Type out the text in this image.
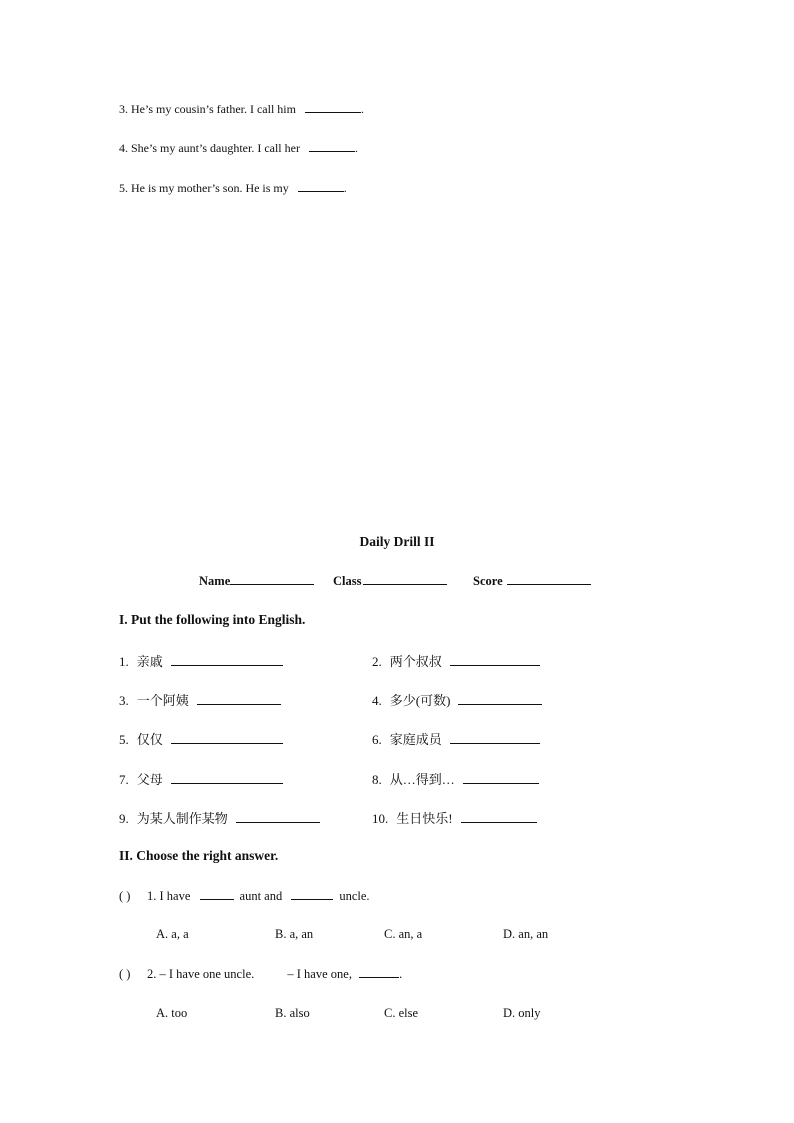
3. He’s my cousin’s father. I call him	.
4. She’s my aunt’s daughter. I call her	.
5. He is my mother’s son. He is my	.
Daily Drill II
Name	Class	Score
I. Put the following into English.
1. 亲戚	2. 两个叔叔
3. 一个阿姨	4. 多少(可数)
5. 仅仅	6. 家庭成员
7. 父母	8. 从…得到…
9. 为某人制作某物	10. 生日快乐!
II. Choose the right answer.
( ) 1. I have	aunt and	uncle.
A. a, a	B. a, an	C. an, a	D. an, an
( ) 2. – I have one uncle.	– I have one,	.
A. too	B. also	C. else	D. only
